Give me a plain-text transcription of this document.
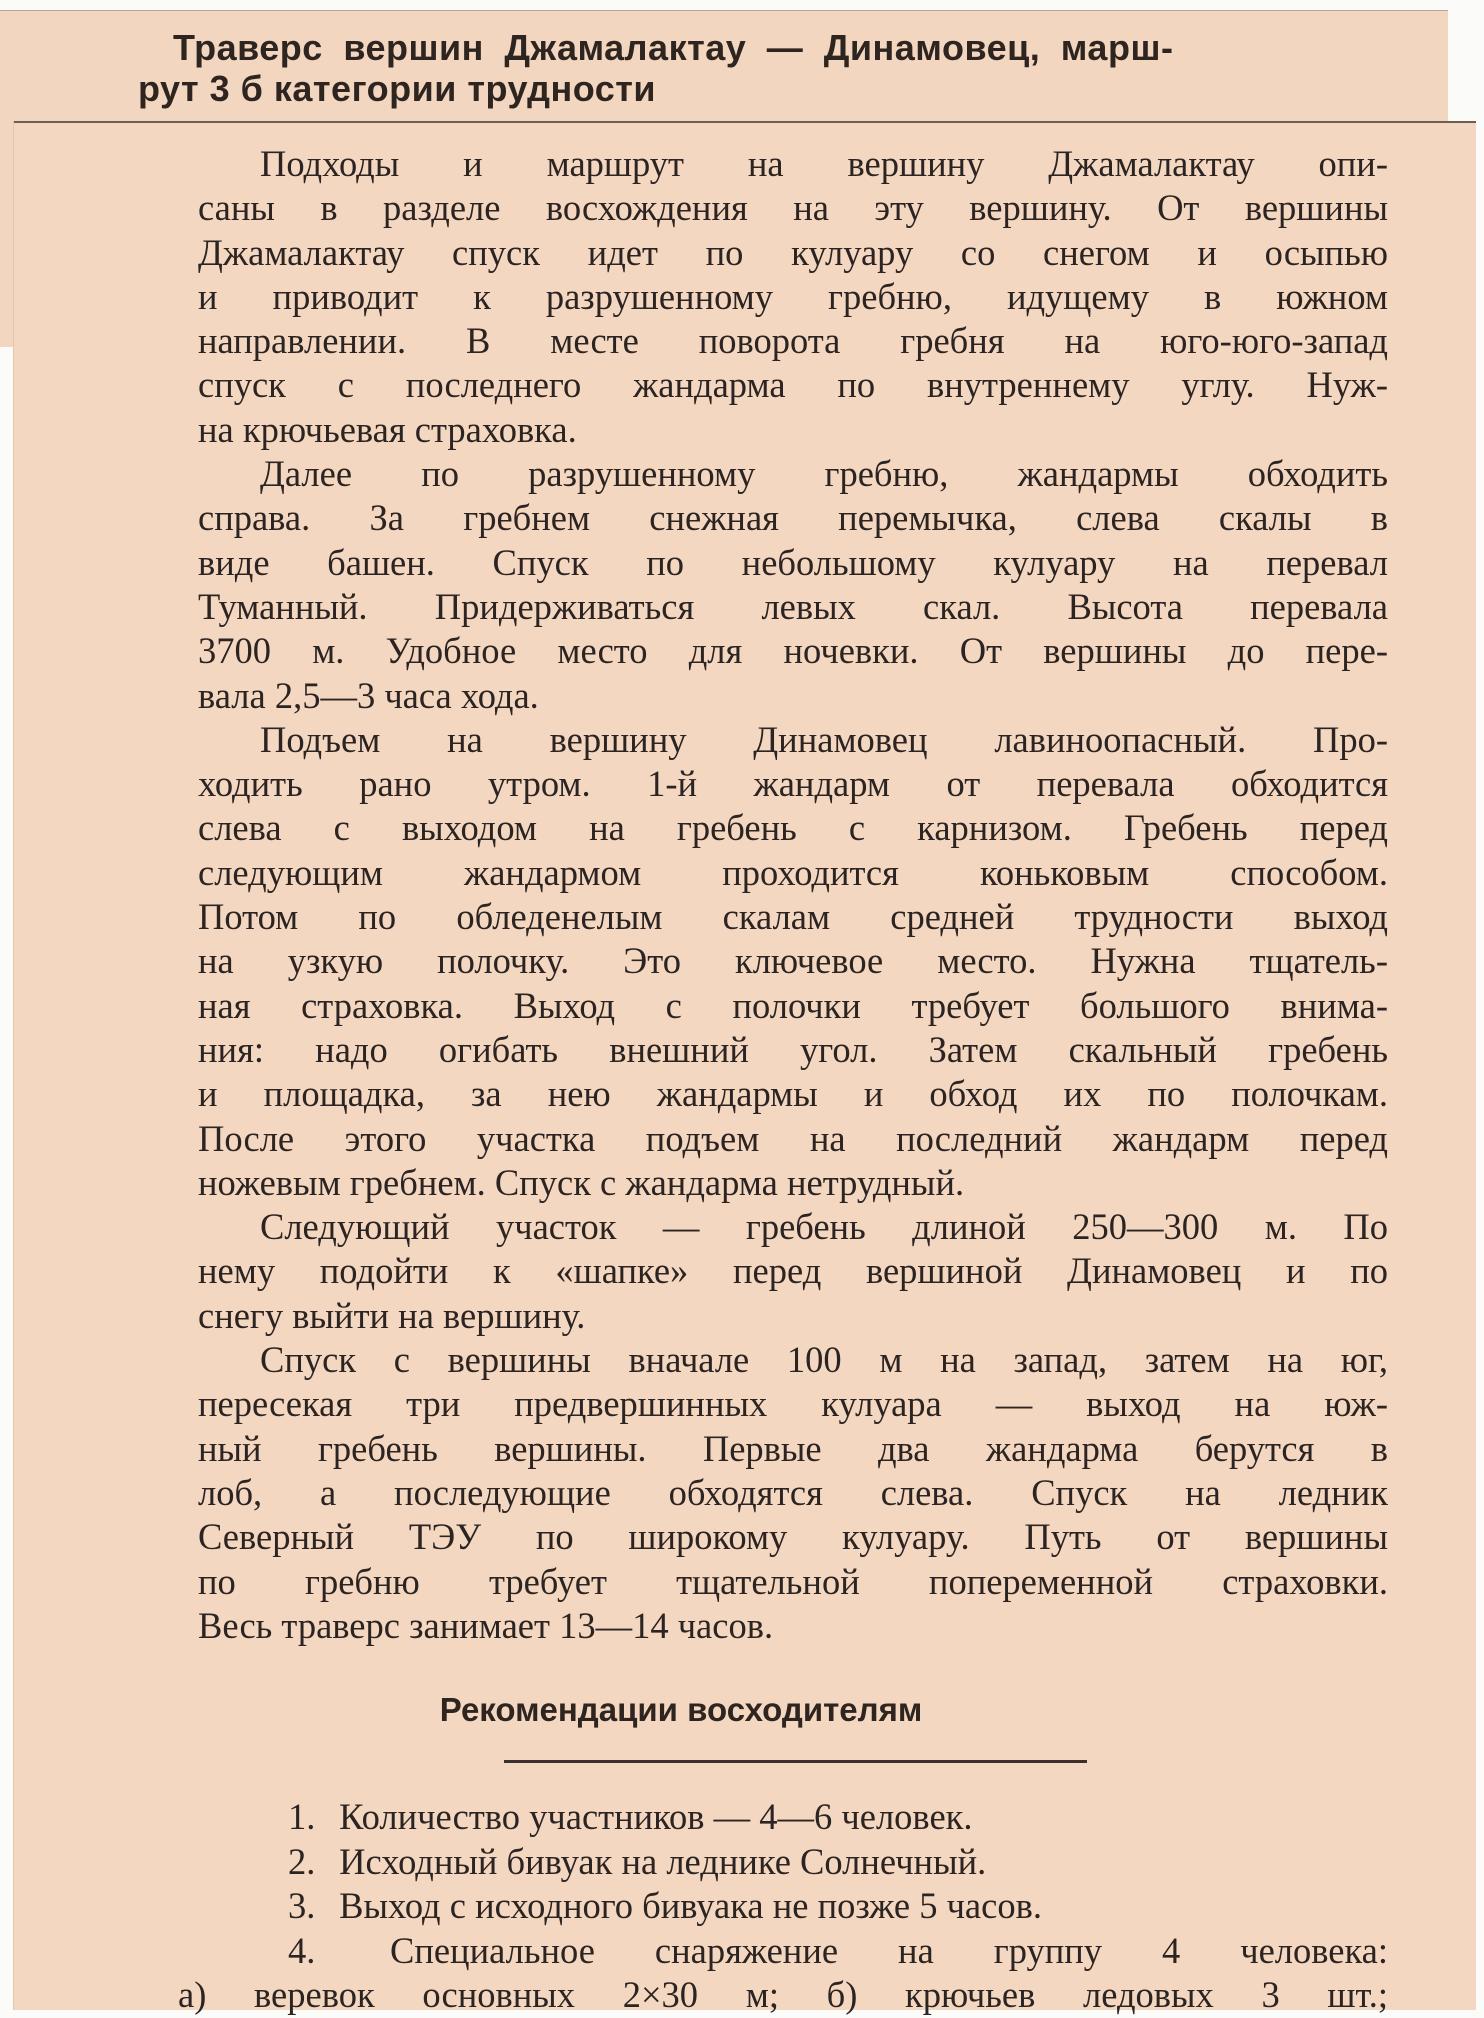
Траверс вершин Джамалактау — Динамовец, марш-
рут 3 б категории трудности
Подходы и маршрут на вершину Джамалактау опи-
саны в разделе восхождения на эту вершину. От вершины
Джамалактау спуск идет по кулуару со снегом и осыпью
и приводит к разрушенному гребню, идущему в южном
направлении. В месте поворота гребня на юго-юго-запад
спуск с последнего жандарма по внутреннему углу. Нуж-
на крючьевая страховка.
Далее по разрушенному гребню, жандармы обходить
справа. За гребнем снежная перемычка, слева скалы в
виде башен. Спуск по небольшому кулуару на перевал
Туманный. Придерживаться левых скал. Высота перевала
3700 м. Удобное место для ночевки. От вершины до пере-
вала 2,5—3 часа хода.
Подъем на вершину Динамовец лавиноопасный. Про-
ходить рано утром. 1-й жандарм от перевала обходится
слева с выходом на гребень с карнизом. Гребень перед
следующим жандармом проходится коньковым способом.
Потом по обледенелым скалам средней трудности выход
на узкую полочку. Это ключевое место. Нужна тщатель-
ная страховка. Выход с полочки требует большого внима-
ния: надо огибать внешний угол. Затем скальный гребень
и площадка, за нею жандармы и обход их по полочкам.
После этого участка подъем на последний жандарм перед
ножевым гребнем. Спуск с жандарма нетрудный.
Следующий участок — гребень длиной 250—300 м. По
нему подойти к «шапке» перед вершиной Динамовец и по
снегу выйти на вершину.
Спуск с вершины вначале 100 м на запад, затем на юг,
пересекая три предвершинных кулуара — выход на юж-
ный гребень вершины. Первые два жандарма берутся в
лоб, а последующие обходятся слева. Спуск на ледник
Северный ТЭУ по широкому кулуару. Путь от вершины
по гребню требует тщательной попеременной страховки.
Весь траверс занимает 13—14 часов.
Рекомендации восходителям
1. Количество участников — 4—6 человек.
2. Исходный бивуак на леднике Солнечный.
3. Выход с исходного бивуака не позже 5 часов.
4. Специальное снаряжение на группу 4 человека:
а) веревок основных 2×30 м; б) крючьев ледовых 3 шт.;
